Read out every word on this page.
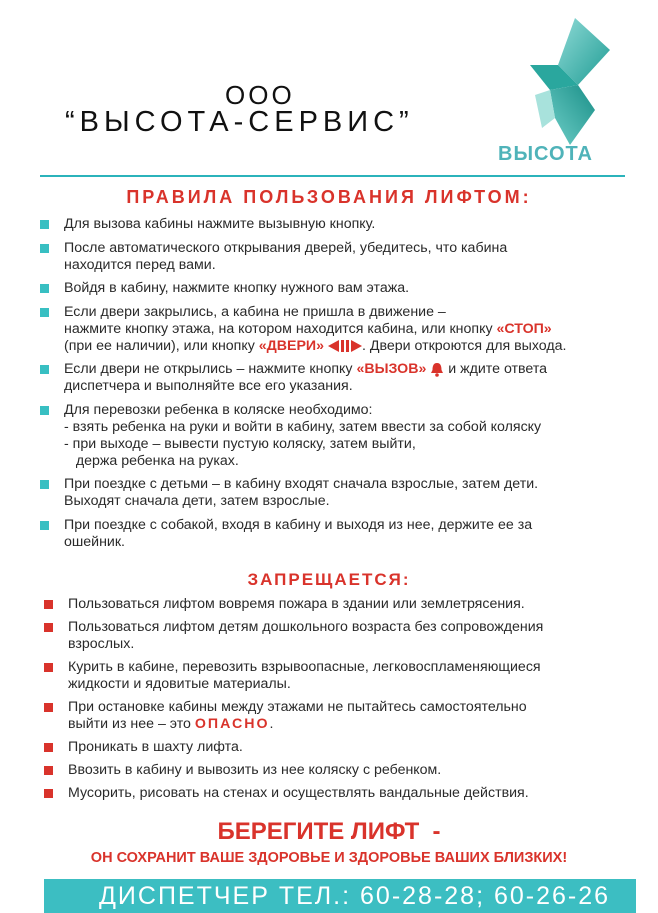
ООО
“ВЫСОТА-СЕРВИС”
ВЫСОТА
ПРАВИЛА ПОЛЬЗОВАНИЯ ЛИФТОМ:
Для вызова кабины нажмите вызывную кнопку.
После автоматического открывания дверей, убедитесь, что кабина
находится перед вами.
Войдя в кабину, нажмите кнопку нужного вам этажа.
Если двери закрылись, а кабина не пришла в движение –
нажмите кнопку этажа, на котором находится кабина, или кнопку «СТОП»
(при ее наличии), или кнопку «ДВЕРИ»	. Двери откроются для выхода.
Если двери не открылись – нажмите кнопку «ВЫЗОВ»  и ждите ответа
диспетчера и выполняйте все его указания.
Для перевозки ребенка в коляске необходимо:
- взять ребенка на руки и войти в кабину, затем ввести за собой коляску
- при выходе – вывести пустую коляску, затем выйти,
держа ребенка на руках.
При поездке с детьми – в кабину входят сначала взрослые, затем дети.
Выходят сначала дети, затем взрослые.
При поездке с собакой, входя в кабину и выходя из нее, держите ее за
ошейник.
ЗАПРЕЩАЕТСЯ:
Пользоваться лифтом вовремя пожара в здании или землетрясения.
Пользоваться лифтом детям дошкольного возраста без сопровождения
взрослых.
Курить в кабине, перевозить взрывоопасные, легковоспламеняющиеся
жидкости и ядовитые материалы.
При остановке кабины между этажами не пытайтесь самостоятельно
выйти из нее – это ОПАСНО.
Проникать в шахту лифта.
Ввозить в кабину и вывозить из нее коляску с ребенком.
Мусорить, рисовать на стенах и осуществлять вандальные действия.
БЕРЕГИТЕ ЛИФТ  -
ОН СОХРАНИТ ВАШЕ ЗДОРОВЬЕ И ЗДОРОВЬЕ ВАШИХ БЛИЗКИХ!
ДИСПЕТЧЕР ТЕЛ.: 60-28-28; 60-26-26
